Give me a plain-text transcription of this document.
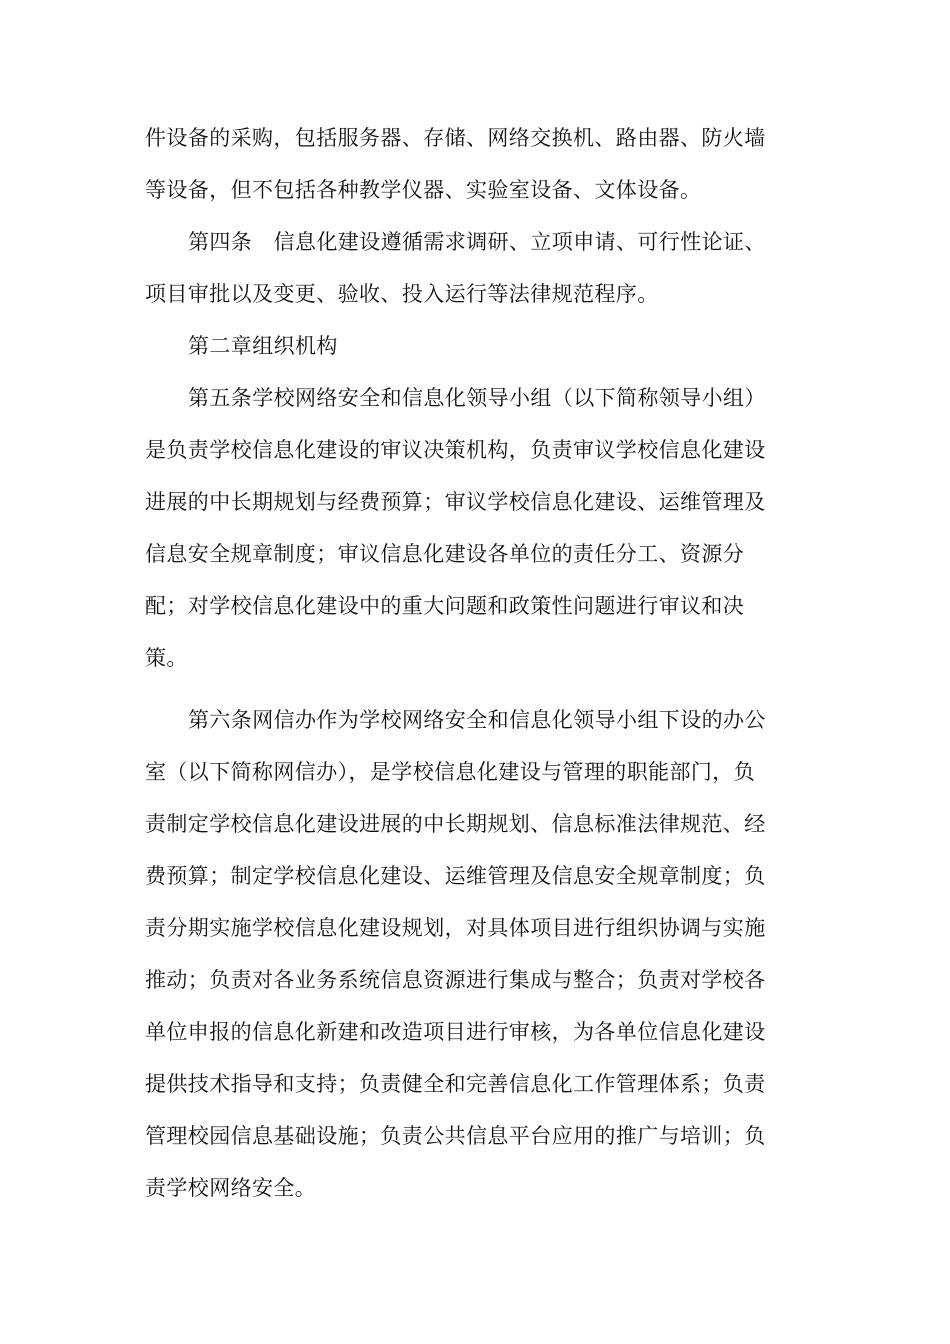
件设备的采购，包括服务器、存储、网络交换机、路由器、防火墙
等设备，但不包括各种教学仪器、实验室设备、文体设备。
第四条　信息化建设遵循需求调研、立项申请、可行性论证、
项目审批以及变更、验收、投入运行等法律规范程序。
第二章组织机构
第五条学校网络安全和信息化领导小组（以下简称领导小组）
是负责学校信息化建设的审议决策机构，负责审议学校信息化建设
进展的中长期规划与经费预算；审议学校信息化建设、运维管理及
信息安全规章制度；审议信息化建设各单位的责任分工、资源分
配；对学校信息化建设中的重大问题和政策性问题进行审议和决
策。
第六条网信办作为学校网络安全和信息化领导小组下设的办公
室（以下简称网信办），是学校信息化建设与管理的职能部门，负
责制定学校信息化建设进展的中长期规划、信息标准法律规范、经
费预算；制定学校信息化建设、运维管理及信息安全规章制度；负
责分期实施学校信息化建设规划，对具体项目进行组织协调与实施
推动；负责对各业务系统信息资源进行集成与整合；负责对学校各
单位申报的信息化新建和改造项目进行审核，为各单位信息化建设
提供技术指导和支持；负责健全和完善信息化工作管理体系；负责
管理校园信息基础设施；负责公共信息平台应用的推广与培训；负
责学校网络安全。
